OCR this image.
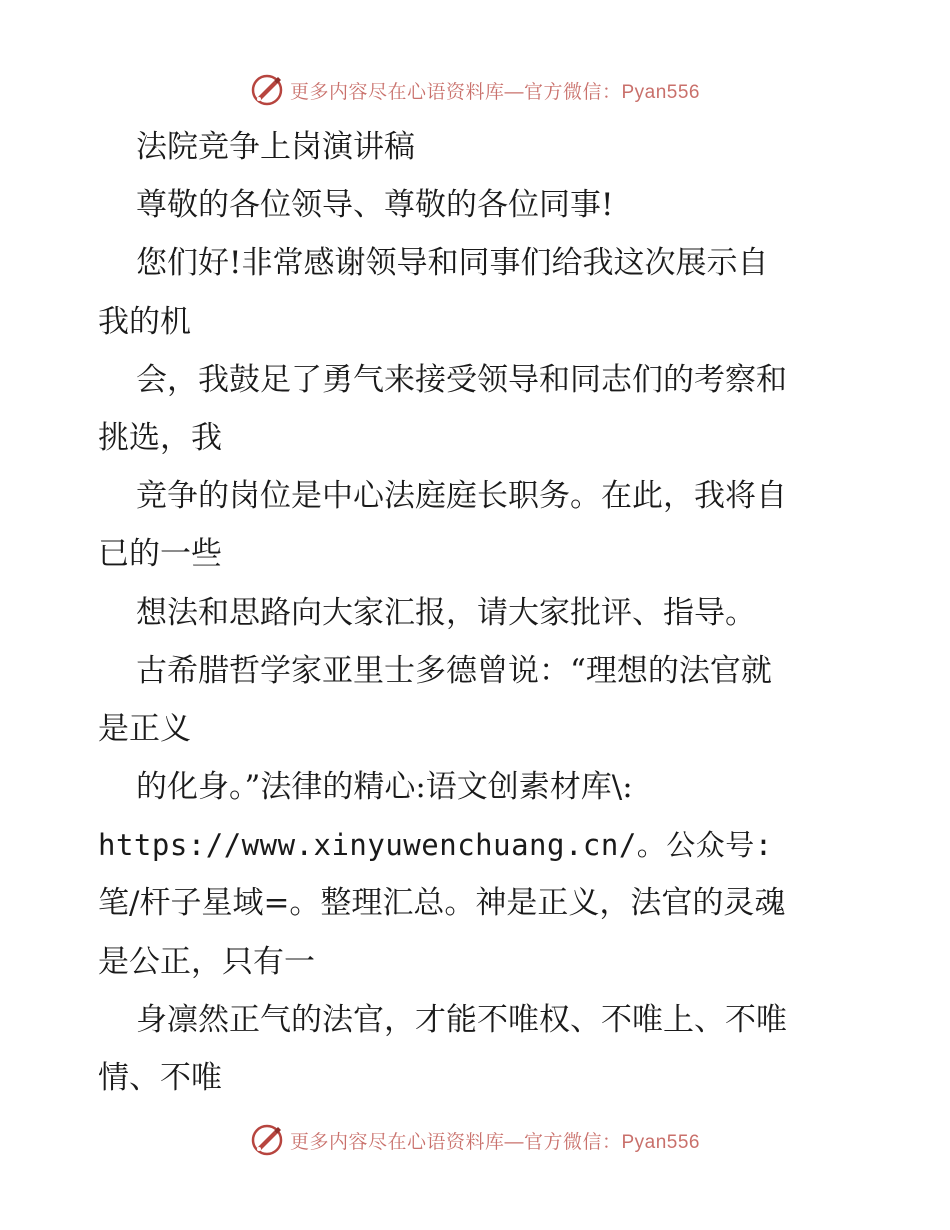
更多内容尽在心语资料库—官方微信：Pyan556
法院竞争上岗演讲稿
尊敬的各位领导、尊敬的各位同事!
您们好!非常感谢领导和同事们给我这次展示自
我的机
会，我鼓足了勇气来接受领导和同志们的考察和
挑选，我
竞争的岗位是中心法庭庭长职务。在此，我将自
已的一些
想法和思路向大家汇报，请大家批评、指导。
古希腊哲学家亚里士多德曾说：“理想的法官就
是正义
的化身。”法律的精心:语文创素材库\:
https://www.xinyuwenchuang.cn/。公众号:
笔/杆子星域=。整理汇总。神是正义，法官的灵魂
是公正，只有一
身凛然正气的法官，才能不唯权、不唯上、不唯
情、不唯
更多内容尽在心语资料库—官方微信：Pyan556
